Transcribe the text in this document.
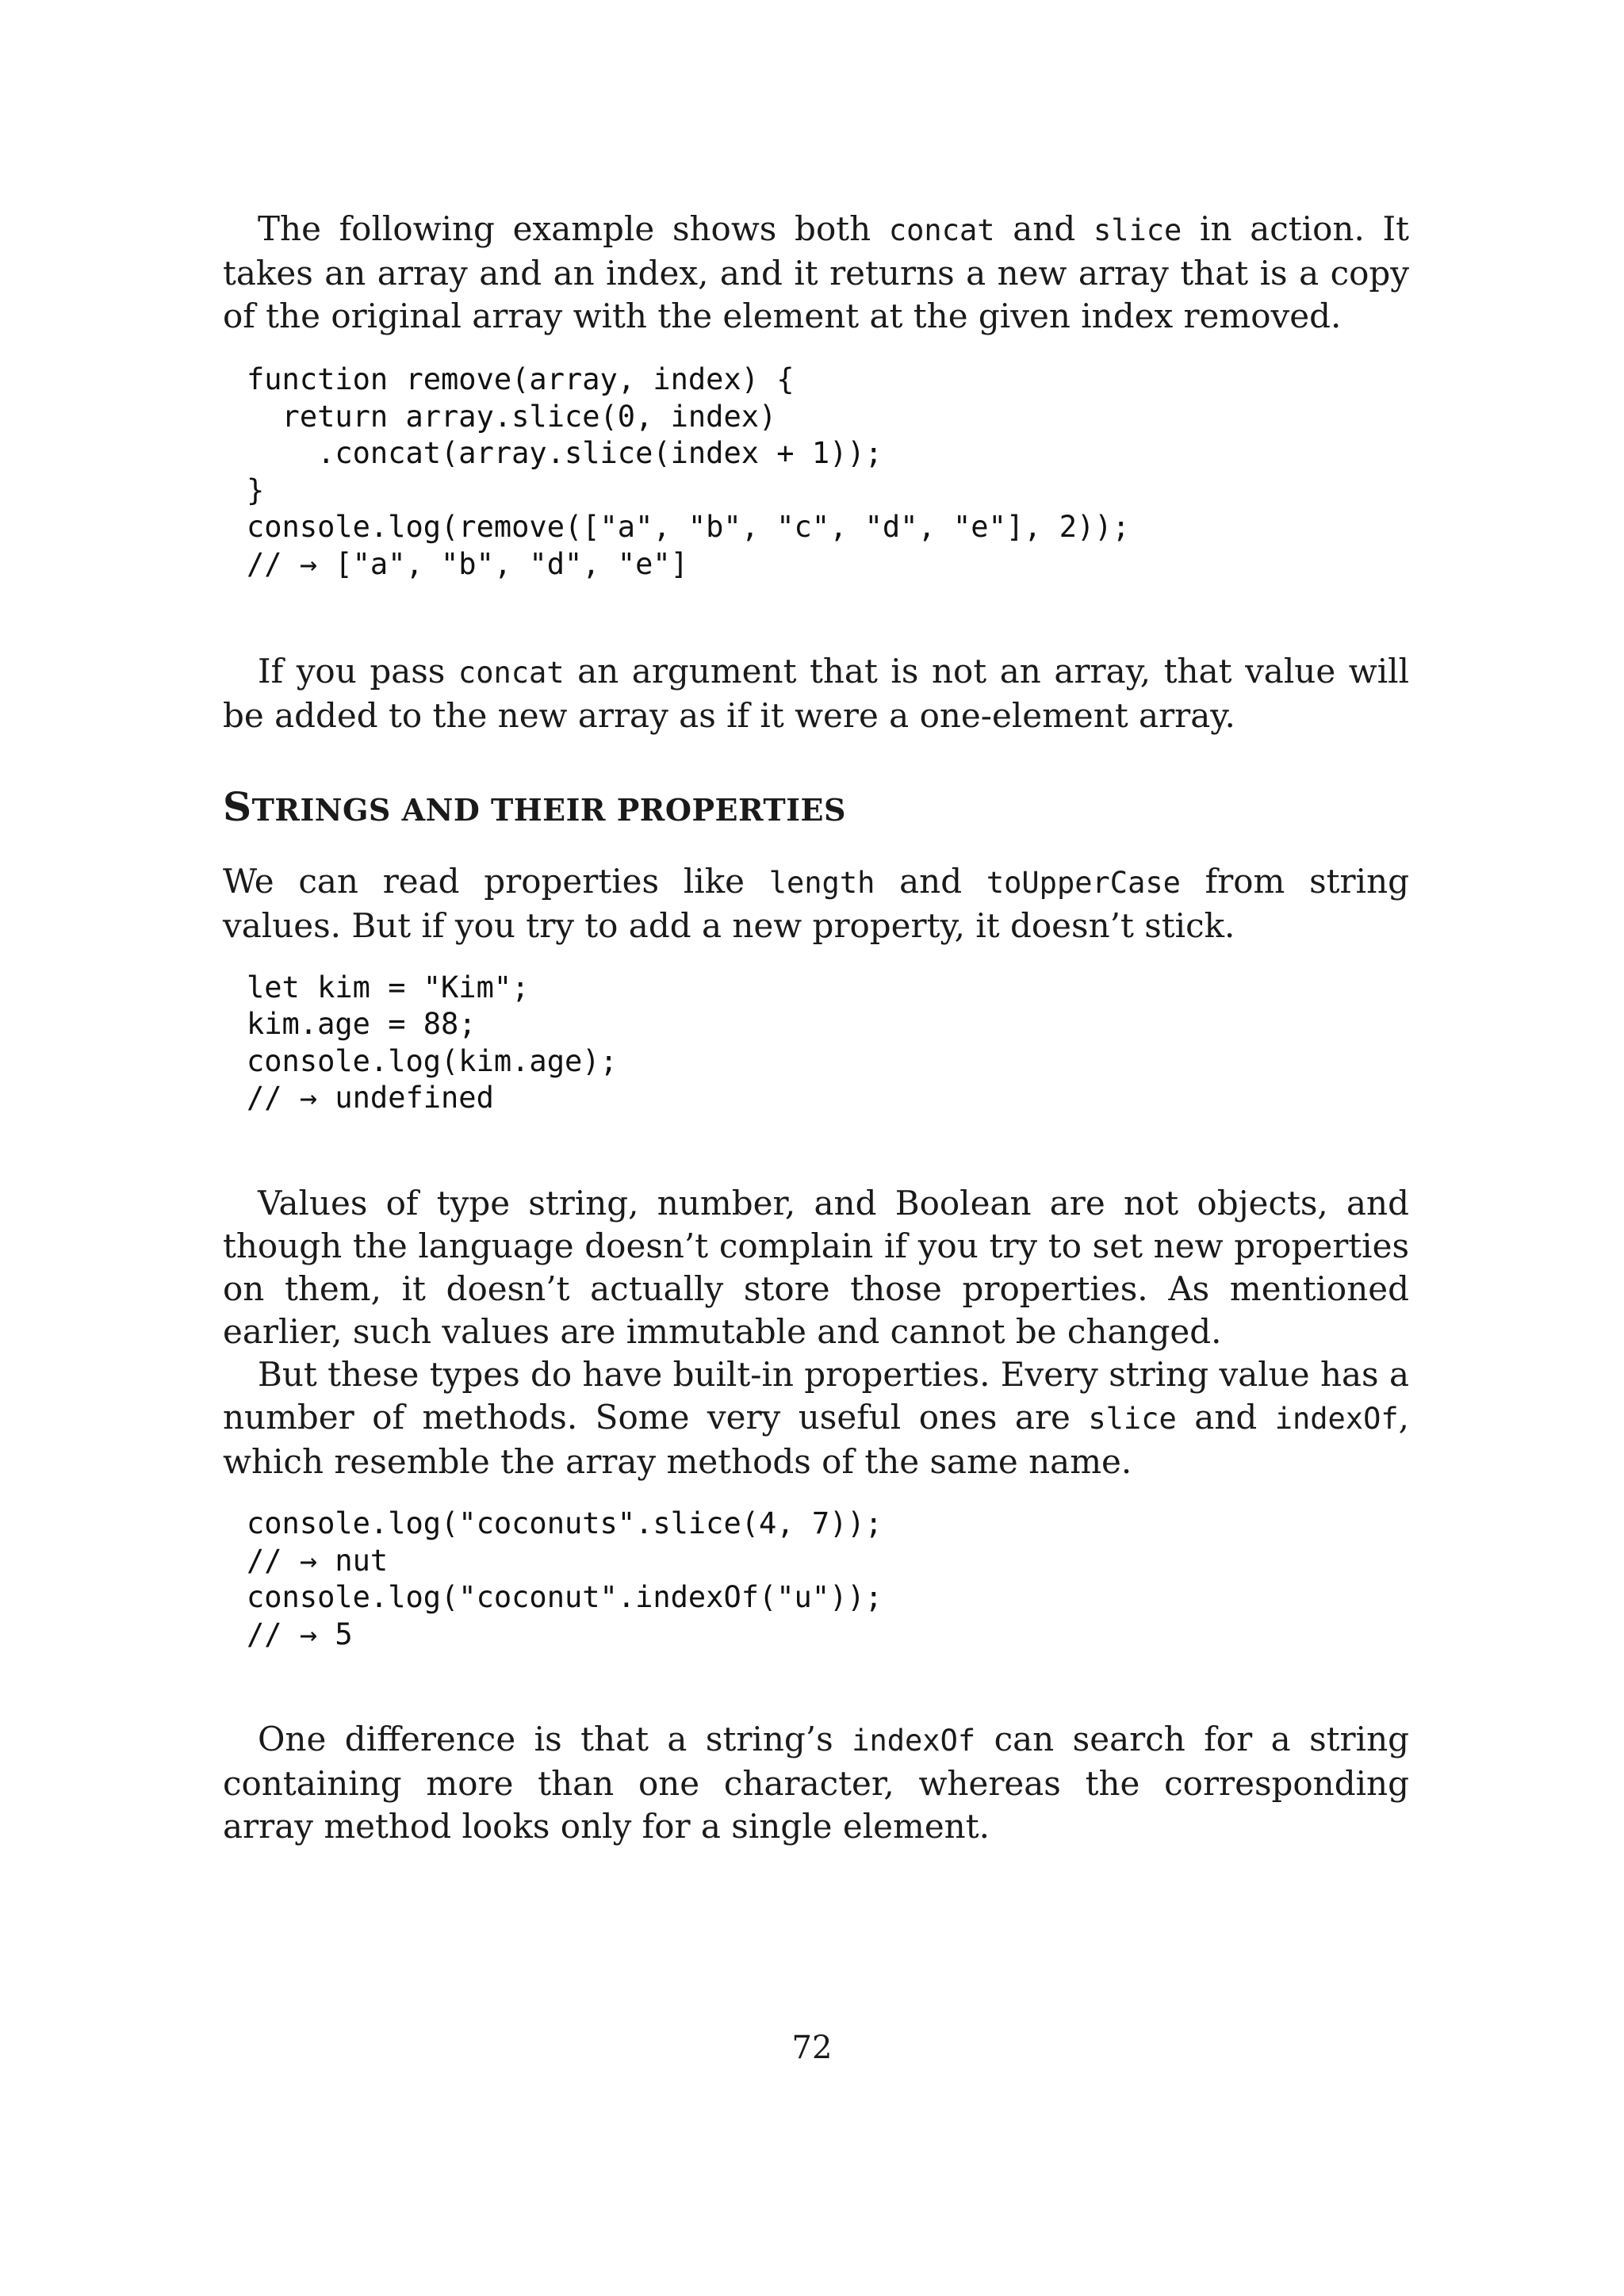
The following example shows both concat and slice in action. It takes an array and an index, and it returns a new array that is a copy of the original array with the element at the given index removed.

function remove(array, index) {
return array.slice(0, index)
.concat(array.slice(index + 1));
}
console.log(remove(["a", "b", "c", "d", "e"], 2));
// → ["a", "b", "d", "e"]

If you pass concat an argument that is not an array, that value will be added to the new array as if it were a one-element array.

STRINGS AND THEIR PROPERTIES

We can read properties like length and toUpperCase from string values. But if you try to add a new property, it doesn’t stick.

let kim = "Kim";
kim.age = 88;
console.log(kim.age);
// → undefined

Values of type string, number, and Boolean are not objects, and though the language doesn’t complain if you try to set new properties on them, it doesn’t actually store those properties. As mentioned earlier, such values are immutable and cannot be changed.

But these types do have built-in properties. Every string value has a number of methods. Some very useful ones are slice and indexOf, which resemble the array methods of the same name.

console.log("coconuts".slice(4, 7));
// → nut
console.log("coconut".indexOf("u"));
// → 5

One difference is that a string’s indexOf can search for a string containing more than one character, whereas the corresponding array method looks only for a single element.

72
